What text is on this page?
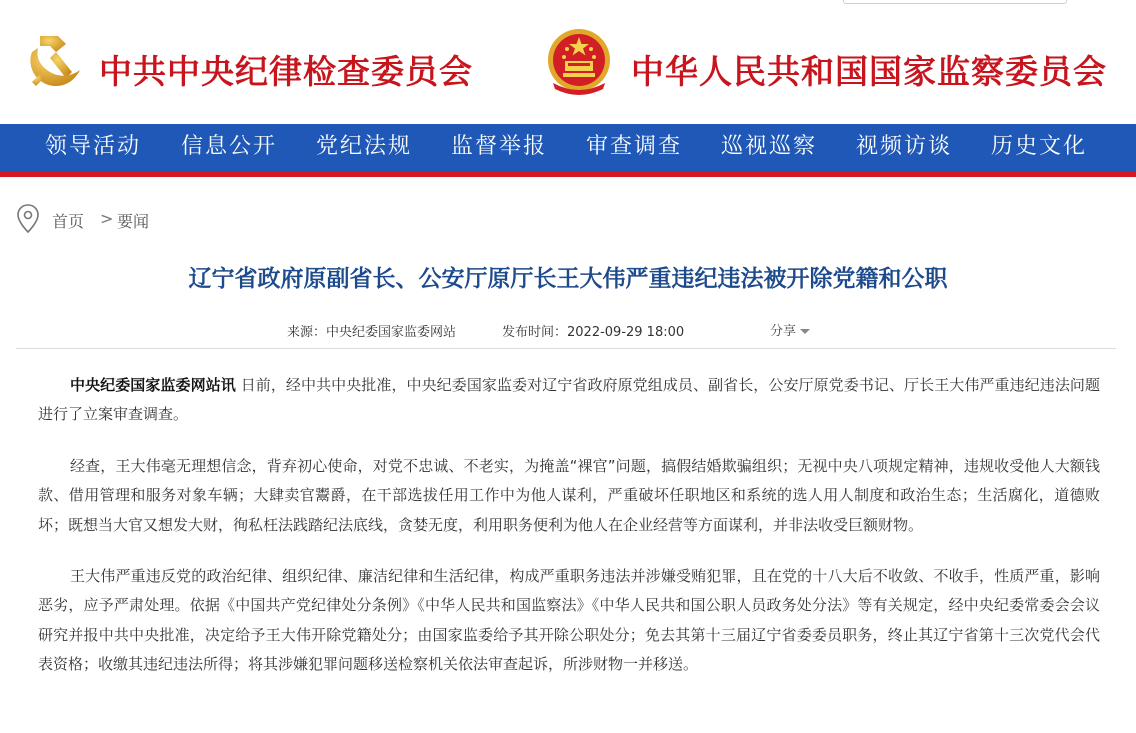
中共中央纪律检查委员会	中华人民共和国国家监察委员会
领导活动 信息公开 党纪法规 监督举报 审查调查 巡视巡察 视频访谈 历史文化
首页 > 要闻
辽宁省政府原副省长、公安厅原厅长王大伟严重违纪违法被开除党籍和公职
来源：中央纪委国家监委网站	发布时间：2022-09-29 18:00	分享

中央纪委国家监委网站讯 日前，经中共中央批准，中央纪委国家监委对辽宁省政府原党组成员、副省长，公安厅原党委书记、厅长王大伟严重违纪违法问题进行了立案审查调查。

经查，王大伟毫无理想信念，背弃初心使命，对党不忠诚、不老实，为掩盖“裸官”问题，搞假结婚欺骗组织；无视中央八项规定精神，违规收受他人大额钱款、借用管理和服务对象车辆；大肆卖官鬻爵，在干部选拔任用工作中为他人谋利，严重破坏任职地区和系统的选人用人制度和政治生态；生活腐化，道德败坏；既想当大官又想发大财，徇私枉法践踏纪法底线，贪婪无度，利用职务便利为他人在企业经营等方面谋利，并非法收受巨额财物。

王大伟严重违反党的政治纪律、组织纪律、廉洁纪律和生活纪律，构成严重职务违法并涉嫌受贿犯罪，且在党的十八大后不收敛、不收手，性质严重，影响恶劣，应予严肃处理。依据《中国共产党纪律处分条例》《中华人民共和国监察法》《中华人民共和国公职人员政务处分法》等有关规定，经中央纪委常委会会议研究并报中共中央批准，决定给予王大伟开除党籍处分；由国家监委给予其开除公职处分；免去其第十三届辽宁省委委员职务，终止其辽宁省第十三次党代会代表资格；收缴其违纪违法所得；将其涉嫌犯罪问题移送检察机关依法审查起诉，所涉财物一并移送。
